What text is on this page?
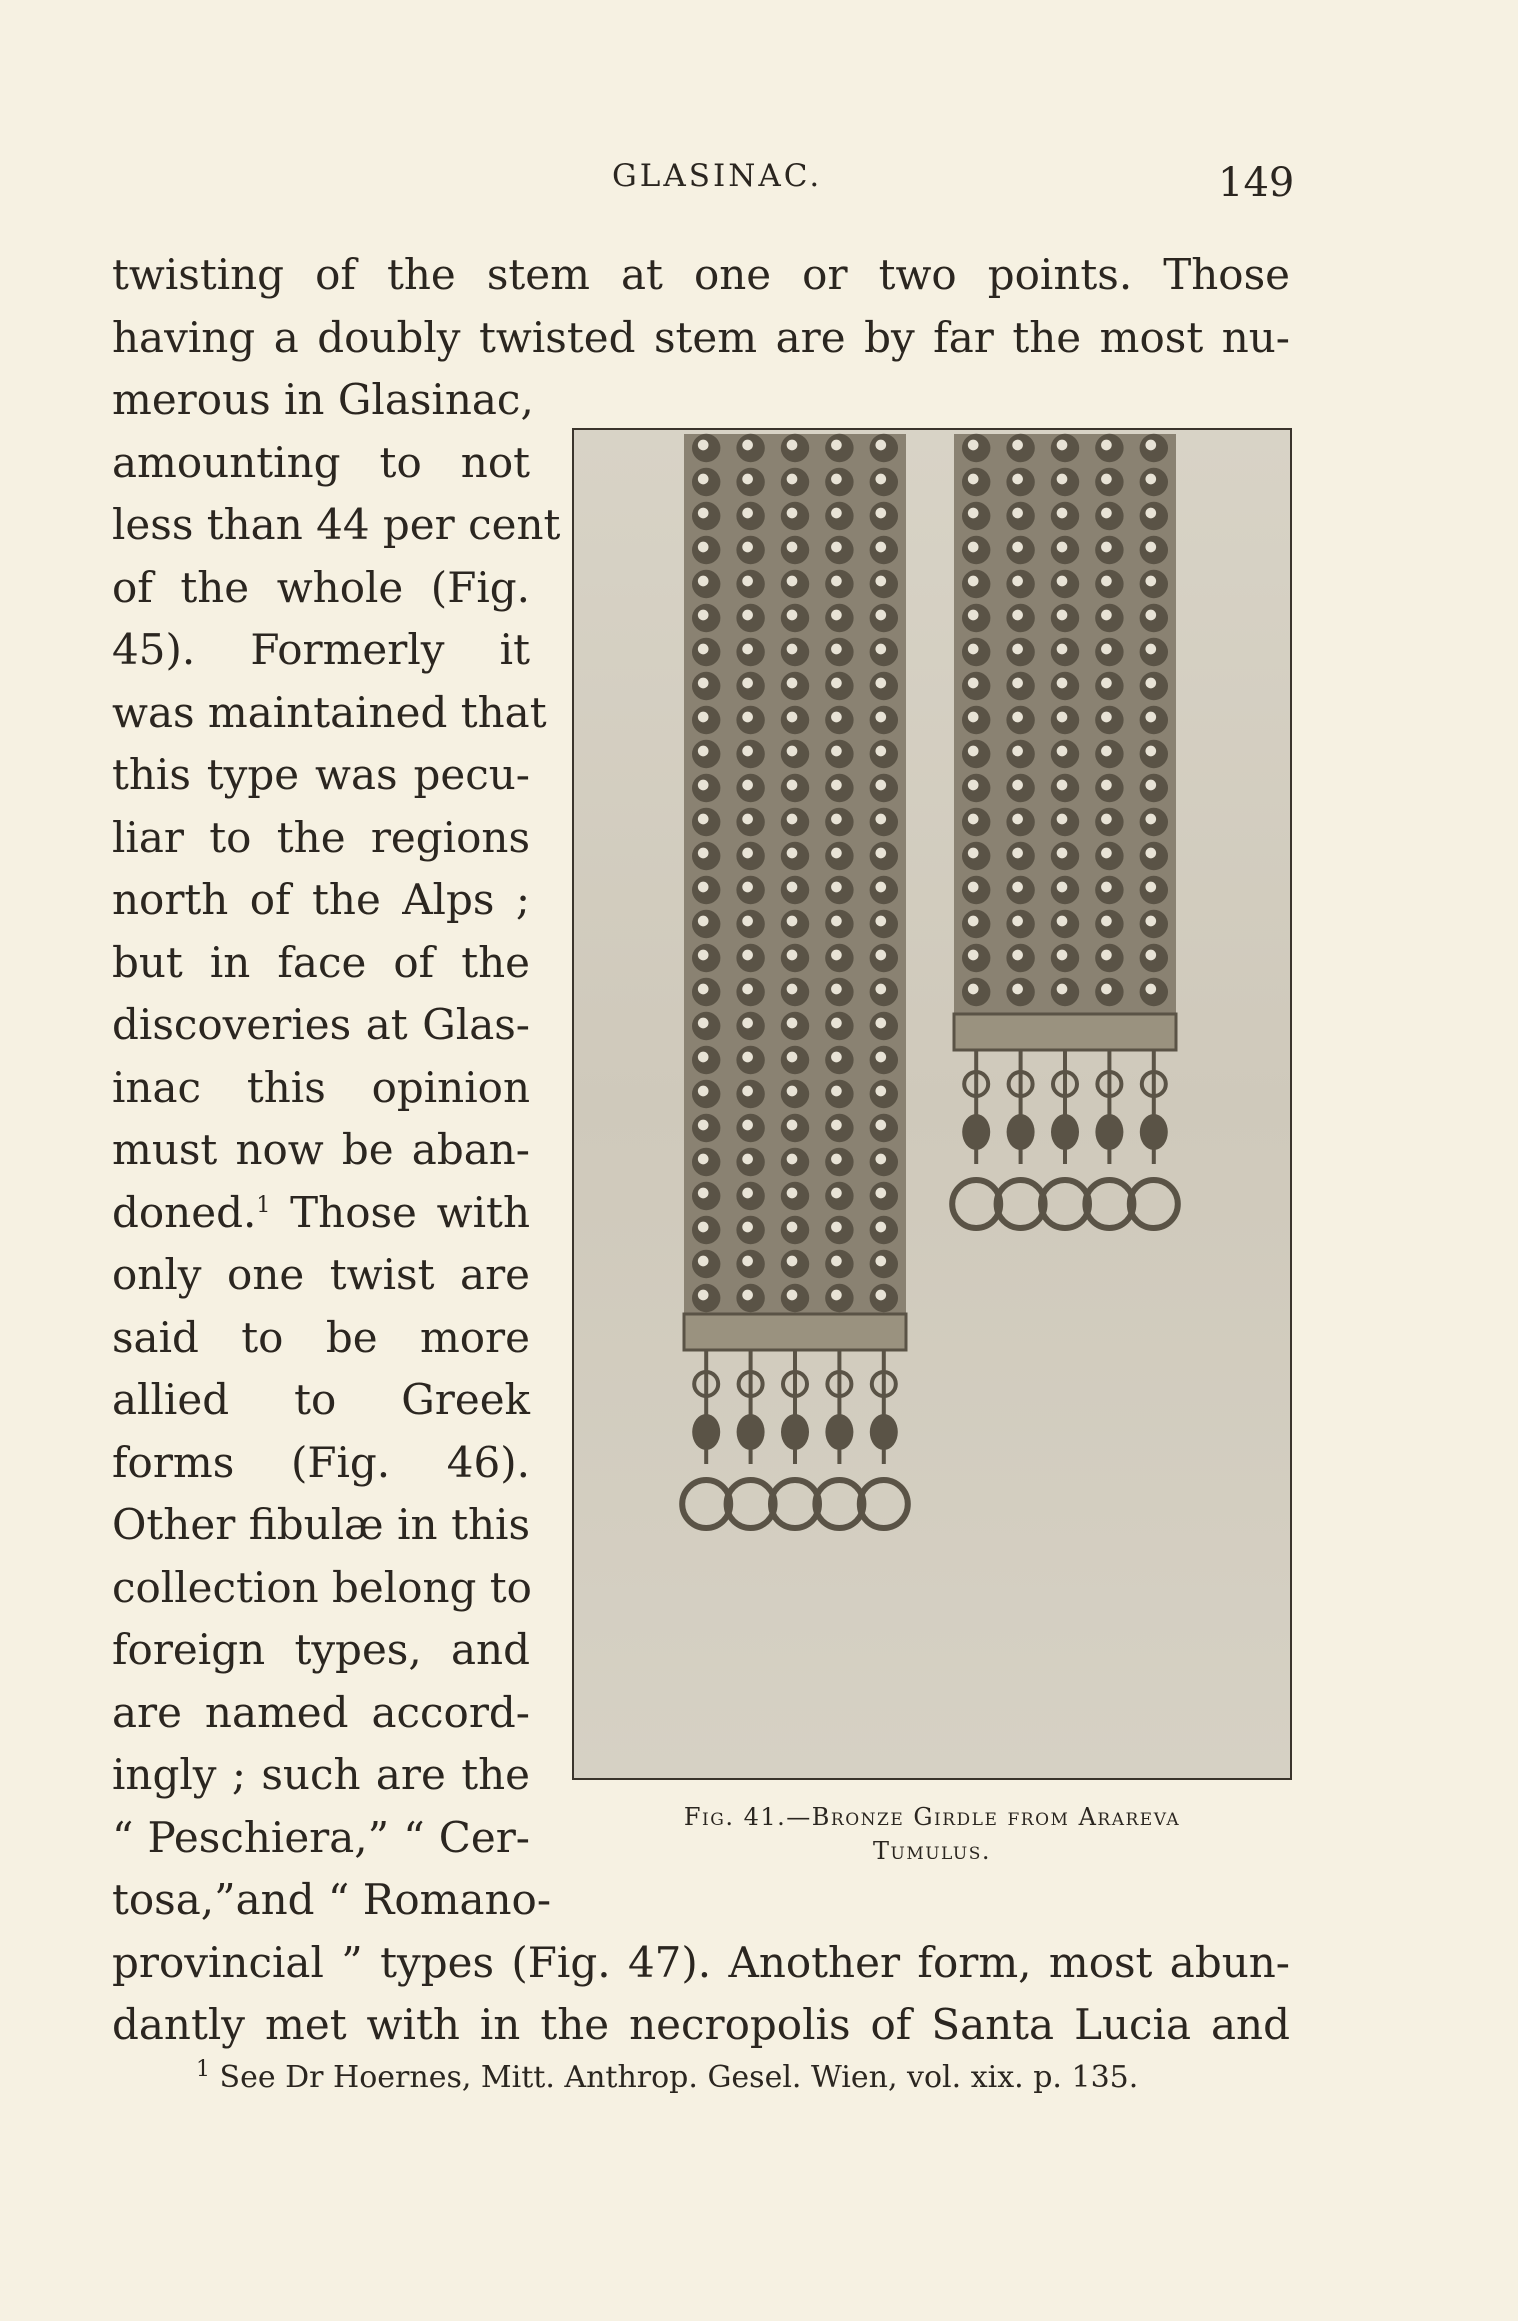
GLASINAC.	149
twisting of the stem at one or two points. Those
having a doubly twisted stem are by far the most nu-
merous in Glasinac,
amounting to not
less than 44 per cent
of the whole (Fig.
45). Formerly it
was maintained that
this type was pecu-
liar to the regions
north of the Alps ;
but in face of the
discoveries at Glas-
inac this opinion
must now be aban-
doned.$^1$ Those with
only one twist are
said to be more
allied to Greek
forms (Fig. 46).
Other fibulæ in this
collection belong to
foreign types, and
are named accord-
ingly ; such are the
“ Peschiera,” “ Cer-
tosa,”and “ Romano-
provincial ” types (Fig. 47). Another form, most abun-
dantly met with in the necropolis of Santa Lucia and
Fig. 41.—Bronze Girdle from Arareva
Tumulus.
$^1$ See Dr Hoernes, Mitt. Anthrop. Gesel. Wien, vol. xix. p. 135.
